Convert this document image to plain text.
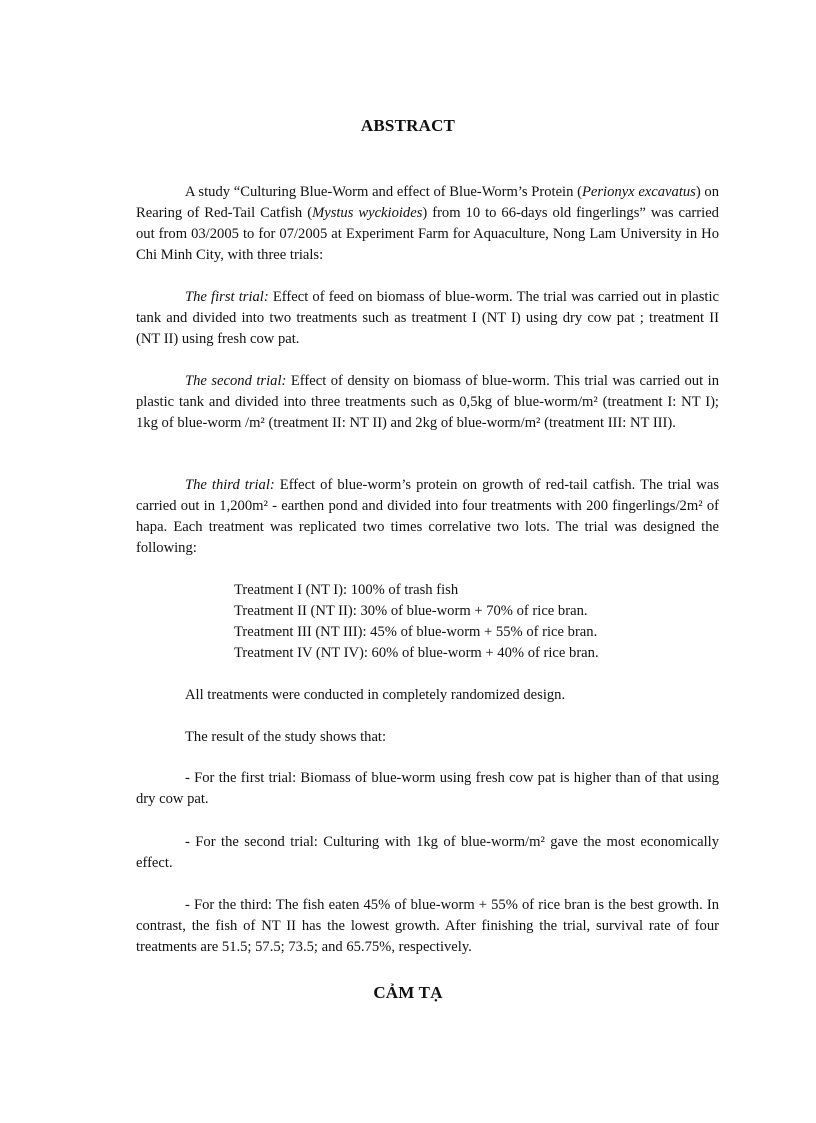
ABSTRACT

A study “Culturing Blue-Worm and effect of Blue-Worm’s Protein (Perionyx excavatus) on Rearing of Red-Tail Catfish (Mystus wyckioides) from 10 to 66-days old fingerlings” was carried out from 03/2005 to for 07/2005 at Experiment Farm for Aquaculture, Nong Lam University in Ho Chi Minh City, with three trials:

The first trial: Effect of feed on biomass of blue-worm. The trial was carried out in plastic tank and divided into two treatments such as treatment I (NT I) using dry cow pat ; treatment II (NT II) using fresh cow pat.

The second trial: Effect of density on biomass of blue-worm. This trial was carried out in plastic tank and divided into three treatments such as 0,5kg of blue-worm/m² (treatment I: NT I); 1kg of blue-worm /m² (treatment II: NT II) and 2kg of blue-worm/m² (treatment III: NT III).

The third trial: Effect of blue-worm’s protein on growth of red-tail catfish. The trial was carried out in 1,200m² - earthen pond and divided into four treatments with 200 fingerlings/2m² of hapa. Each treatment was replicated two times correlative two lots. The trial was designed the following:

Treatment I (NT I): 100% of trash fish
Treatment II (NT II): 30% of blue-worm + 70% of rice bran.
Treatment III (NT III): 45% of blue-worm + 55% of rice bran.
Treatment IV (NT IV): 60% of blue-worm + 40% of rice bran.

All treatments were conducted in completely randomized design.

The result of the study shows that:

- For the first trial: Biomass of blue-worm using fresh cow pat is higher than of that using dry cow pat.

- For the second trial: Culturing with 1kg of blue-worm/m² gave the most economically effect.

- For the third: The fish eaten 45% of blue-worm + 55% of rice bran is the best growth. In contrast, the fish of NT II has the lowest growth. After finishing the trial, survival rate of four treatments are 51.5; 57.5; 73.5; and 65.75%, respectively.

CẢM TẠ
